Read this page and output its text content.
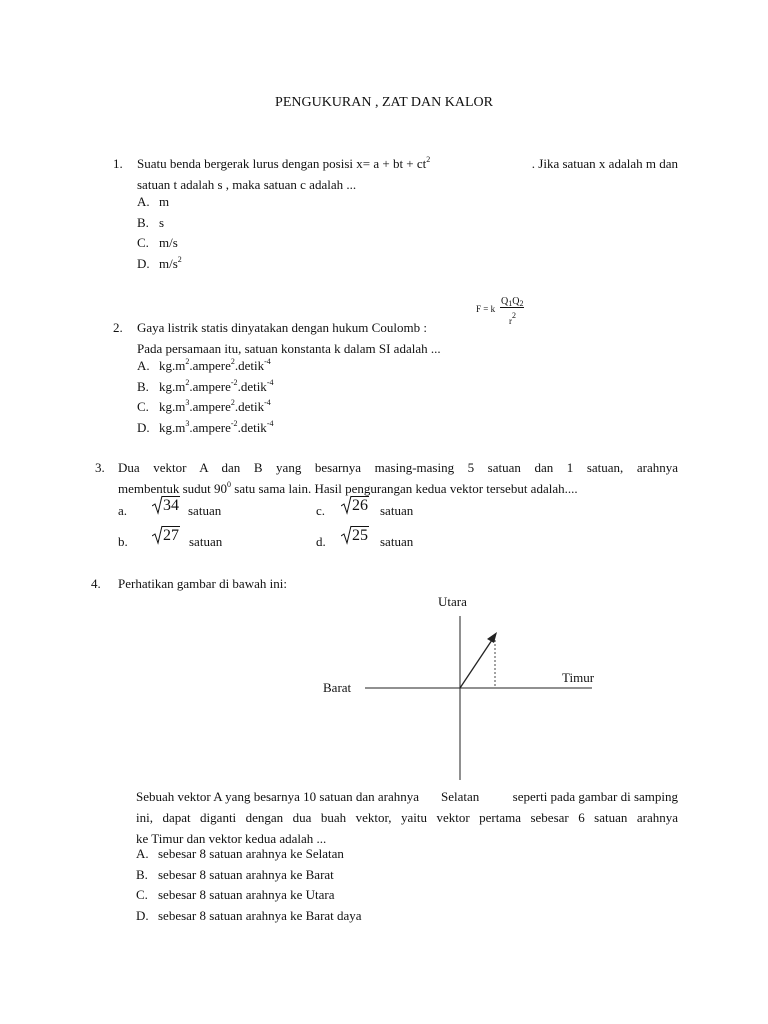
PENGUKURAN , ZAT DAN KALOR
1. Suatu benda bergerak lurus dengan posisi x= a + bt + $ct^2$	. Jika satuan x adalah m dan
satuan t adalah s , maka satuan c adalah ...
A. m
B. s
C. m/s
D. $m/s^2$
F = k
$Q_1Q_2$
$r^2$
2. Gaya listrik statis dinyatakan dengan hukum Coulomb :
Pada persamaan itu, satuan konstanta k dalam SI adalah ...
A. $kg.m^2.ampere^2.detik^{-4}$
B. $kg.m^2.ampere^{-2}.detik^{-4}$
C. $kg.m^3.ampere^2.detik^{-4}$
D. $kg.m^3.ampere^{-2}.detik^{-4}$
3. Dua vektor A dan B yang besarnya masing-masing 5 satuan dan 1 satuan, arahnya
membentuk sudut $90^0$ satu sama lain. Hasil pengurangan kedua vektor tersebut adalah....
a.	34 satuan
b.	27 satuan
c.	26 satuan
d.	25 satuan
4. Perhatikan gambar di bawah ini:
Utara
Timur
Barat
Selatan
Sebuah vektor A yang besarnya 10 satuan dan arahnya	seperti pada gambar di samping
ini, dapat diganti dengan dua buah vektor, yaitu vektor pertama sebesar 6 satuan arahnya
ke Timur dan vektor kedua adalah ...
A. sebesar 8 satuan arahnya ke Selatan
B. sebesar 8 satuan arahnya ke Barat
C. sebesar 8 satuan arahnya ke Utara
D. sebesar 8 satuan arahnya ke Barat daya
